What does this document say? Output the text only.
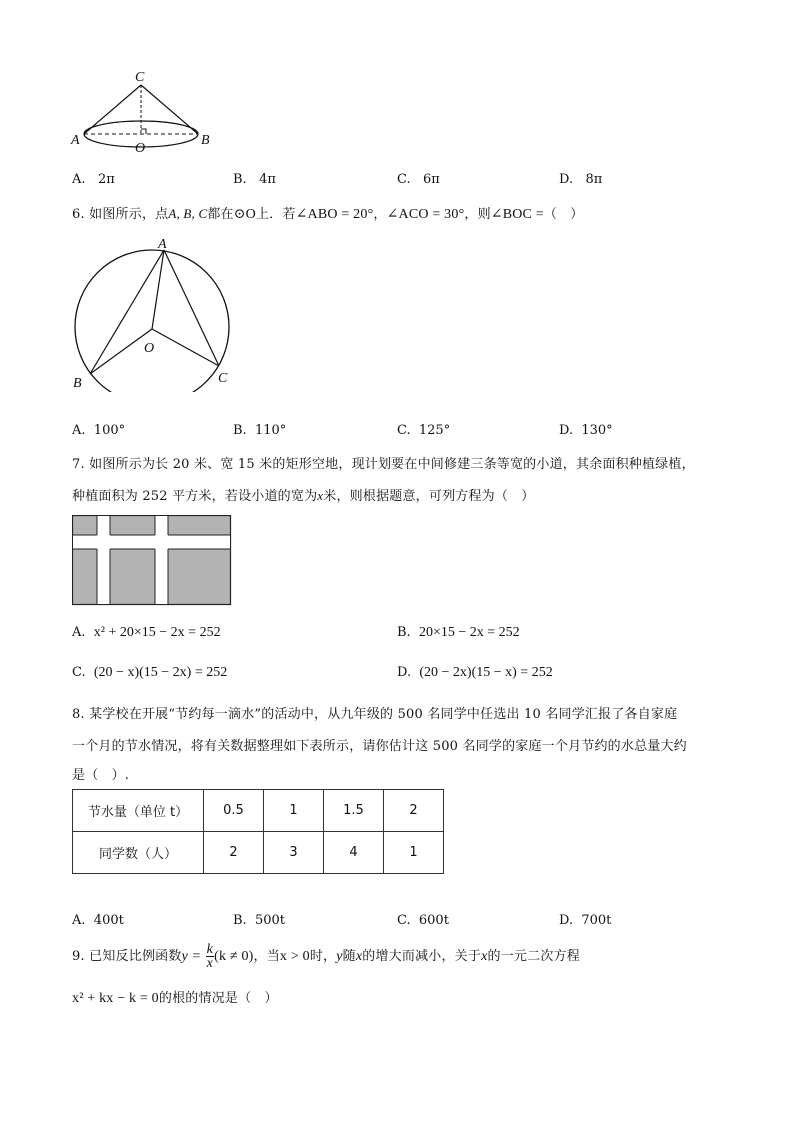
C
A	B
O
A. 2π	B. 4π	C. 6π	D. 8π
6. 如图所示，点A, B, C都在⊙O上．若∠ABO = 20°，∠ACO = 30°，则∠BOC =（　）
A
B	C
O
A. 100°	B. 110°	C. 125°	D. 130°
7. 如图所示为长 20 米、宽 15 米的矩形空地，现计划要在中间修建三条等宽的小道，其余面积种植绿植，
种植面积为 252 平方米，若设小道的宽为x米，则根据题意，可列方程为（　）
A. x² + 20×15 − 2x = 252	B. 20×15 − 2x = 252
C. (20 − x)(15 − 2x) = 252	D. (20 − 2x)(15 − x) = 252
8. 某学校在开展“节约每一滴水”的活动中，从九年级的 500 名同学中任选出 10 名同学汇报了各自家庭
一个月的节水情况，将有关数据整理如下表所示，请你估计这 500 名同学的家庭一个月节约的水总量大约
是（　）.
节水量（单位 t）	0.5	1	1.5	2
同学数（人）	2	3	4	1
A. 400t	B. 500t	C. 600t	D. 700t
9. 已知反比例函数$y = \frac{k}{x} (k \ne 0)$，当x > 0时，y随x的增大而减小，关于x的一元二次方程
x² + kx − k = 0的根的情况是（　）
